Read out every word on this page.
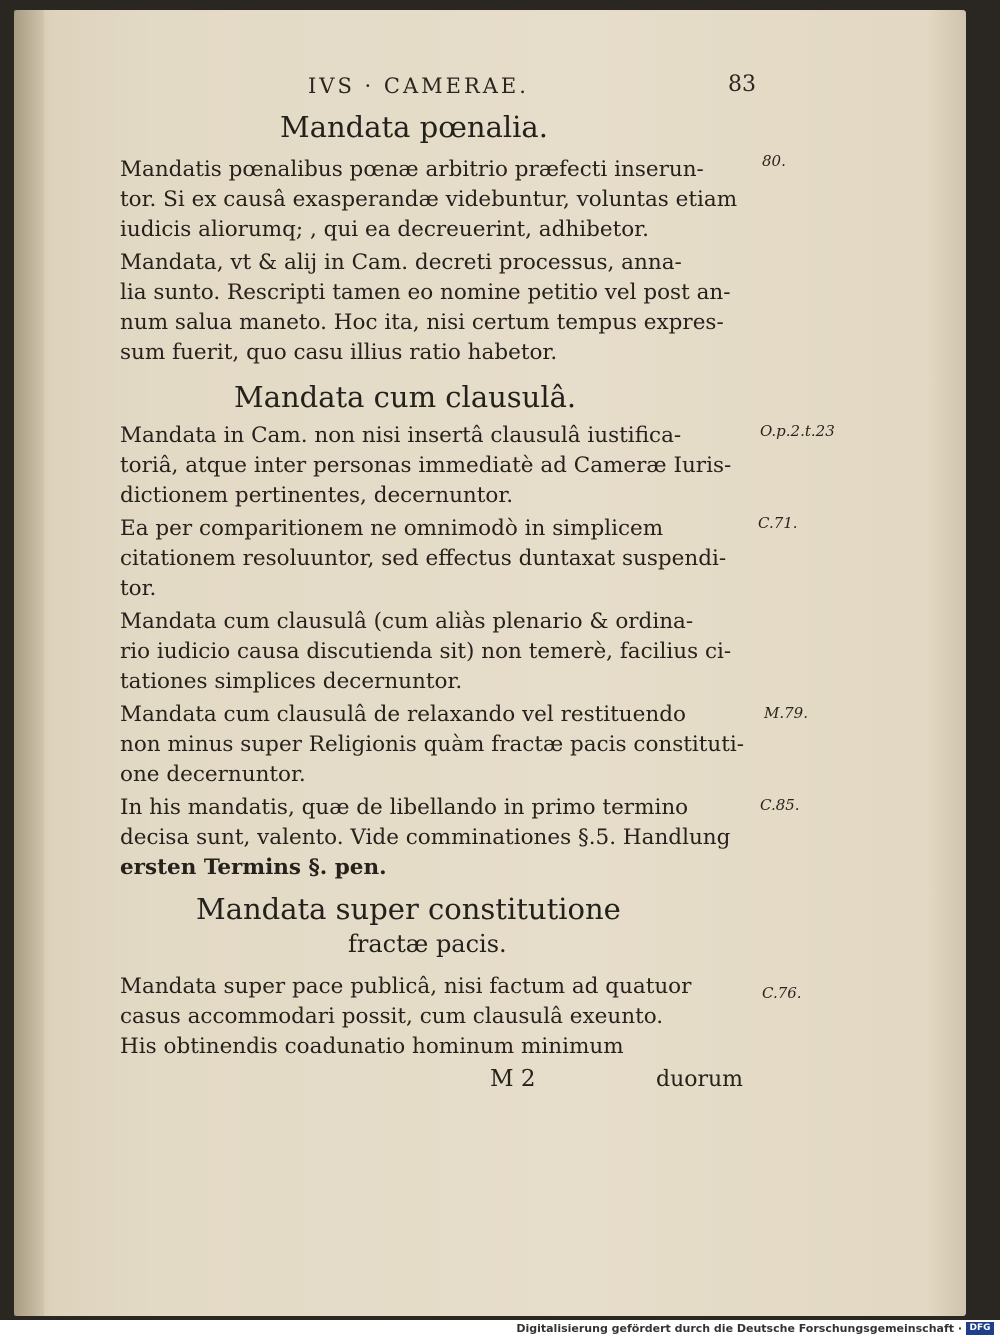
IVS · CAMERAE.	83
Mandata pœnalia.

Mandatis pœnalibus pœnæ arbitrio præfecti inserun-
tor. Si ex causâ exasperandæ videbuntur, voluntas etiam
iudicis aliorumq; , qui ea decreuerint, adhibetor.

80.

Mandata, vt & alij in Cam. decreti processus, anna-
lia sunto. Rescripti tamen eo nomine petitio vel post an-
num salua maneto. Hoc ita, nisi certum tempus expres-
sum fuerit, quo casu illius ratio habetor.

Mandata cum clausulâ.

Mandata in Cam. non nisi insertâ clausulâ iustifica-
toriâ, atque inter personas immediatè ad Cameræ Iuris-
dictionem pertinentes, decernuntor.

O.p.2.t.23

Ea per comparitionem ne omnimodò in simplicem
citationem resoluuntor, sed effectus duntaxat suspendi-
tor.

C.71.

Mandata cum clausulâ (cum aliàs plenario & ordina-
rio iudicio causa discutienda sit) non temerè, facilius ci-
tationes simplices decernuntor.

Mandata cum clausulâ de relaxando vel restituendo
non minus super Religionis quàm fractæ pacis constituti-
one decernuntor.

M.79.

In his mandatis, quæ de libellando in primo termino
decisa sunt, valento. Vide comminationes §.5. Handlung
ersten Termins §. pen.

C.85.
Mandata super constitutione
fractæ pacis.

Mandata super pace publicâ, nisi factum ad quatuor
casus accommodari possit, cum clausulâ exeunto.
His obtinendis coadunatio hominum minimum

C.76.
M 2	duorum
Digitalisierung gefördert durch die Deutsche Forschungsgemeinschaft · DFG
